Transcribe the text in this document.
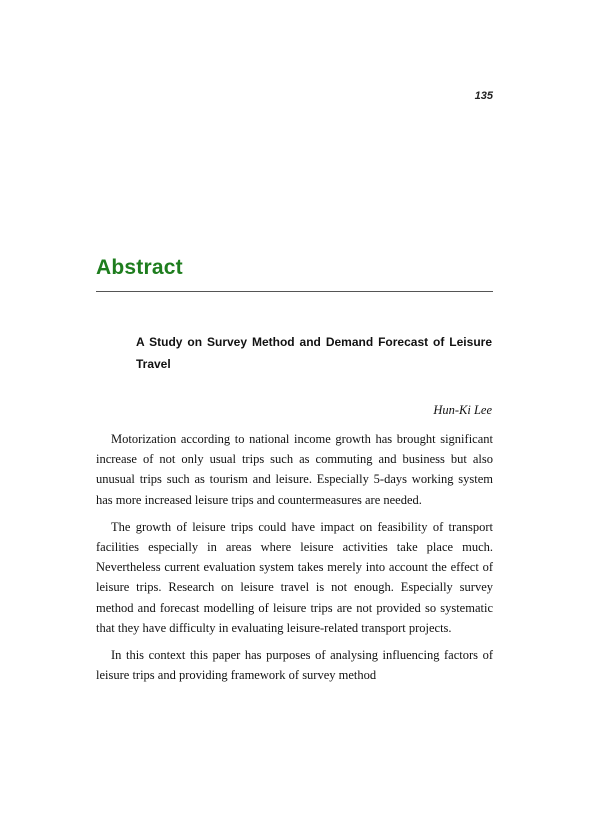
135
Abstract
A Study on Survey Method and Demand Forecast of Leisure Travel
Hun-Ki Lee

Motorization according to national income growth has brought significant increase of not only usual trips such as commuting and business but also unusual trips such as tourism and leisure. Especially 5-days working system has more increased leisure trips and countermeasures are needed.

The growth of leisure trips could have impact on feasibility of transport facilities especially in areas where leisure activities take place much. Nevertheless current evaluation system takes merely into account the effect of leisure trips. Research on leisure travel is not enough. Especially survey method and forecast modelling of leisure trips are not provided so systematic that they have difficulty in evaluating leisure-related transport projects.

In this context this paper has purposes of analysing influencing factors of leisure trips and providing framework of survey method
